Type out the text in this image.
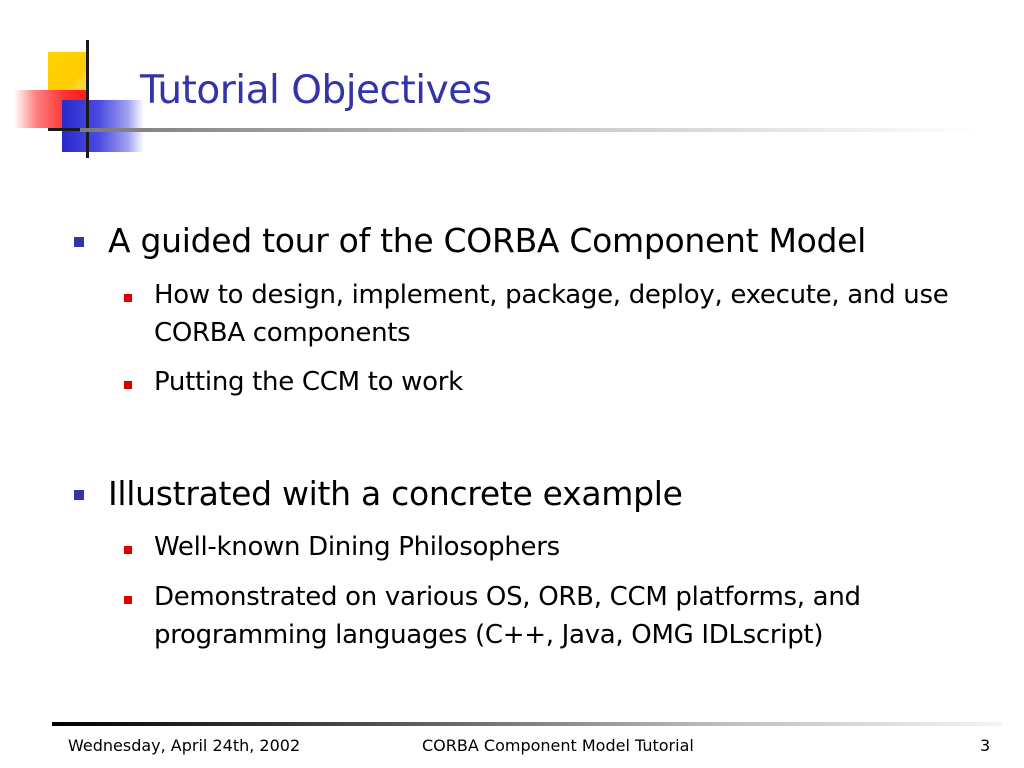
Tutorial Objectives
A guided tour of the CORBA Component Model
How to design, implement, package, deploy, execute, and use CORBA components
Putting the CCM to work
Illustrated with a concrete example
Well-known Dining Philosophers
Demonstrated on various OS, ORB, CCM platforms, and programming languages (C++, Java, OMG IDLscript)
Wednesday, April 24th, 2002	CORBA Component Model Tutorial	3
